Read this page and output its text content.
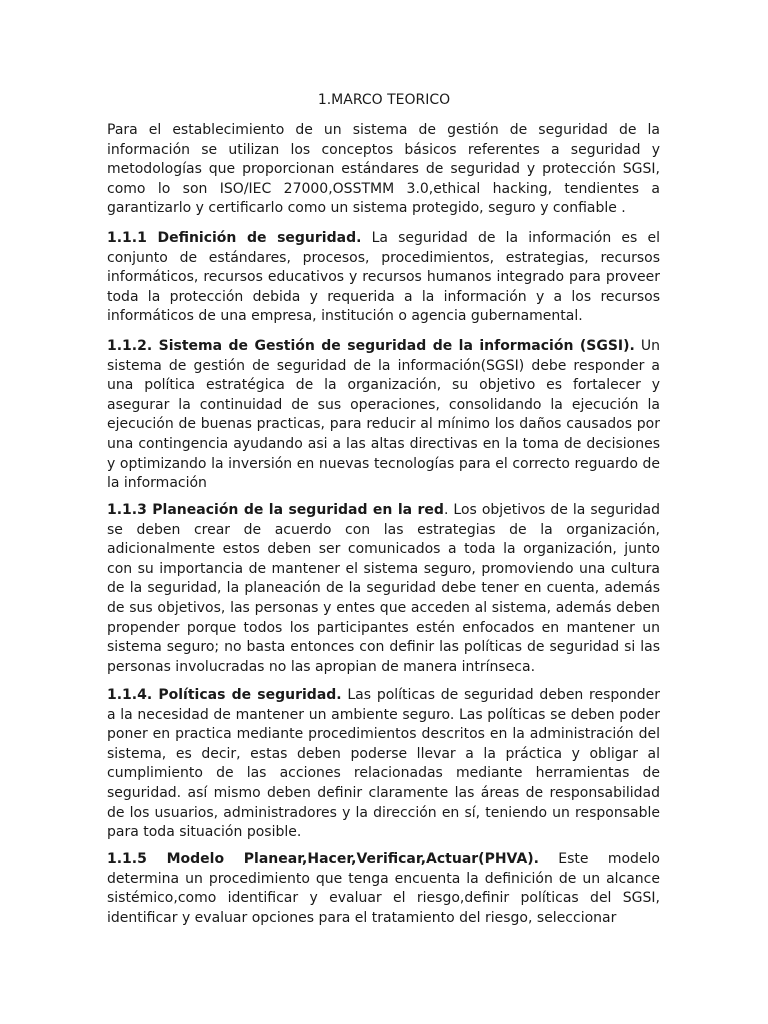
1.MARCO TEORICO

Para el establecimiento de un sistema de gestión de seguridad de la información se utilizan los conceptos básicos referentes a seguridad y metodologías que proporcionan estándares de seguridad y protección SGSI, como lo son ISO/IEC 27000,OSSTMM 3.0,ethical hacking, tendientes a garantizarlo y certificarlo como un sistema protegido, seguro y confiable .

1.1.1 Definición de seguridad. La seguridad de la información es el conjunto de estándares, procesos, procedimientos, estrategias, recursos informáticos, recursos educativos y recursos humanos integrado para proveer toda la protección debida y requerida a la información y a los recursos informáticos de una empresa, institución o agencia gubernamental.

1.1.2. Sistema de Gestión de seguridad de la información (SGSI). Un sistema de gestión de seguridad de la información(SGSI) debe responder a una política estratégica de la organización, su objetivo es fortalecer y asegurar la continuidad de sus operaciones, consolidando la ejecución la ejecución de buenas practicas, para reducir al mínimo los daños causados por una contingencia ayudando asi a las altas directivas en la toma de decisiones y optimizando la inversión en nuevas tecnologías para el correcto reguardo de la información

1.1.3 Planeación de la seguridad en la red. Los objetivos de la seguridad se deben crear de acuerdo con las estrategias de la organización, adicionalmente estos deben ser comunicados a toda la organización, junto con su importancia de mantener el sistema seguro, promoviendo una cultura de la seguridad, la planeación de la seguridad debe tener en cuenta, además de sus objetivos, las personas y entes que acceden al sistema, además deben propender porque todos los participantes estén enfocados en mantener un sistema seguro; no basta entonces con definir las políticas de seguridad si las personas involucradas no las apropian de manera intrínseca.

1.1.4. Políticas de seguridad. Las políticas de seguridad deben responder a la necesidad de mantener un ambiente seguro. Las políticas se deben poder poner en practica mediante procedimientos descritos en la administración del sistema, es decir, estas deben poderse llevar a la práctica y obligar al cumplimiento de las acciones relacionadas mediante herramientas de seguridad. así mismo deben definir claramente las áreas de responsabilidad de los usuarios, administradores y la dirección en sí, teniendo un responsable para toda situación posible.

1.1.5 Modelo Planear,Hacer,Verificar,Actuar(PHVA). Este modelo determina un procedimiento que tenga encuenta la definición de un alcance sistémico,como identificar y evaluar el riesgo,definir políticas del SGSI, identificar y evaluar opciones para el tratamiento del riesgo, seleccionar
